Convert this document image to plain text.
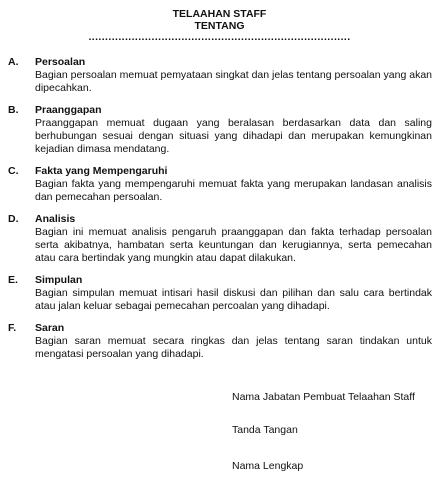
TELAAHAN STAFF
TENTANG
...............................................................................
A.	Persoalan
Bagian persoalan memuat pemyataan singkat dan jelas tentang persoalan yang akan dipecahkan.
B.	Praanggapan
Praanggapan memuat dugaan yang beralasan berdasarkan data dan saling berhubungan sesuai dengan situasi yang dihadapi dan merupakan kemungkinan kejadian dimasa mendatang.
C.	Fakta yang Mempengaruhi
Bagian fakta yang mempengaruhi memuat fakta yang merupakan landasan analisis dan pemecahan persoalan.
D.	Analisis
Bagian ini memuat analisis pengaruh praanggapan dan fakta terhadap persoalan serta akibatnya, hambatan serta keuntungan dan kerugiannya, serta pemecahan atau cara bertindak yang mungkin atau dapat dilakukan.
E.	Simpulan
Bagian simpulan memuat intisari hasil diskusi dan pilihan dan salu cara bertindak atau jalan keluar sebagai pemecahan percoalan yang dihadapi.
F.	Saran
Bagian saran memuat secara ringkas dan jelas tentang saran tindakan untuk mengatasi persoalan yang dihadapi.
Nama Jabatan Pembuat Telaahan Staff
Tanda Tangan
Nama Lengkap
